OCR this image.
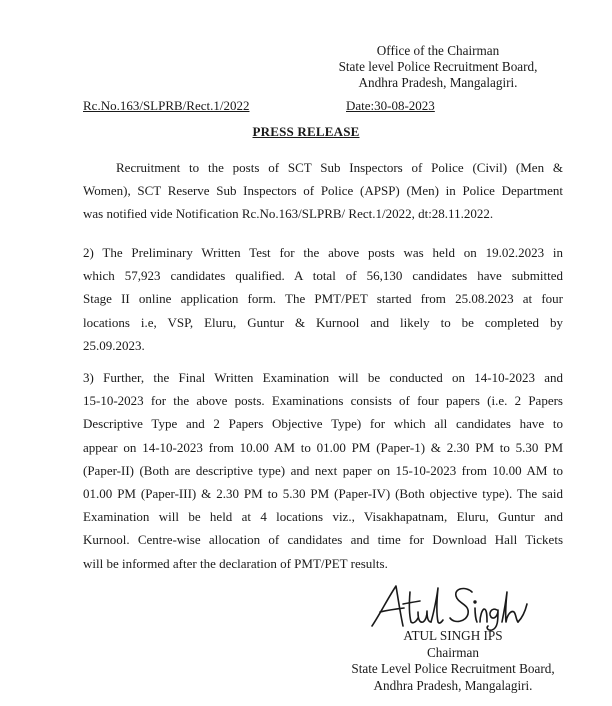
Office of the Chairman
State level Police Recruitment Board,
Andhra Pradesh, Mangalagiri.
Rc.No.163/SLPRB/Rect.1/2022	Date:30-08-2023
PRESS RELEASE
Recruitment to the posts of SCT Sub Inspectors of Police (Civil) (Men &
Women), SCT Reserve Sub Inspectors of Police (APSP) (Men) in Police Department
was notified vide Notification Rc.No.163/SLPRB/ Rect.1/2022, dt:28.11.2022.
2) The Preliminary Written Test for the above posts was held on 19.02.2023 in
which 57,923 candidates qualified. A total of 56,130 candidates have submitted
Stage II online application form. The PMT/PET started from 25.08.2023 at four
locations i.e, VSP, Eluru, Guntur & Kurnool and likely to be completed by
25.09.2023.
3) Further, the Final Written Examination will be conducted on 14-10-2023 and
15-10-2023 for the above posts. Examinations consists of four papers (i.e. 2 Papers
Descriptive Type and 2 Papers Objective Type) for which all candidates have to
appear on 14-10-2023 from 10.00 AM to 01.00 PM (Paper-1) & 2.30 PM to 5.30 PM
(Paper-II) (Both are descriptive type) and next paper on 15-10-2023 from 10.00 AM to
01.00 PM (Paper-III) & 2.30 PM to 5.30 PM (Paper-IV) (Both objective type). The said
Examination will be held at 4 locations viz., Visakhapatnam, Eluru, Guntur and
Kurnool. Centre-wise allocation of candidates and time for Download Hall Tickets
will be informed after the declaration of PMT/PET results.
ATUL SINGH IPS
Chairman
State Level Police Recruitment Board,
Andhra Pradesh, Mangalagiri.
